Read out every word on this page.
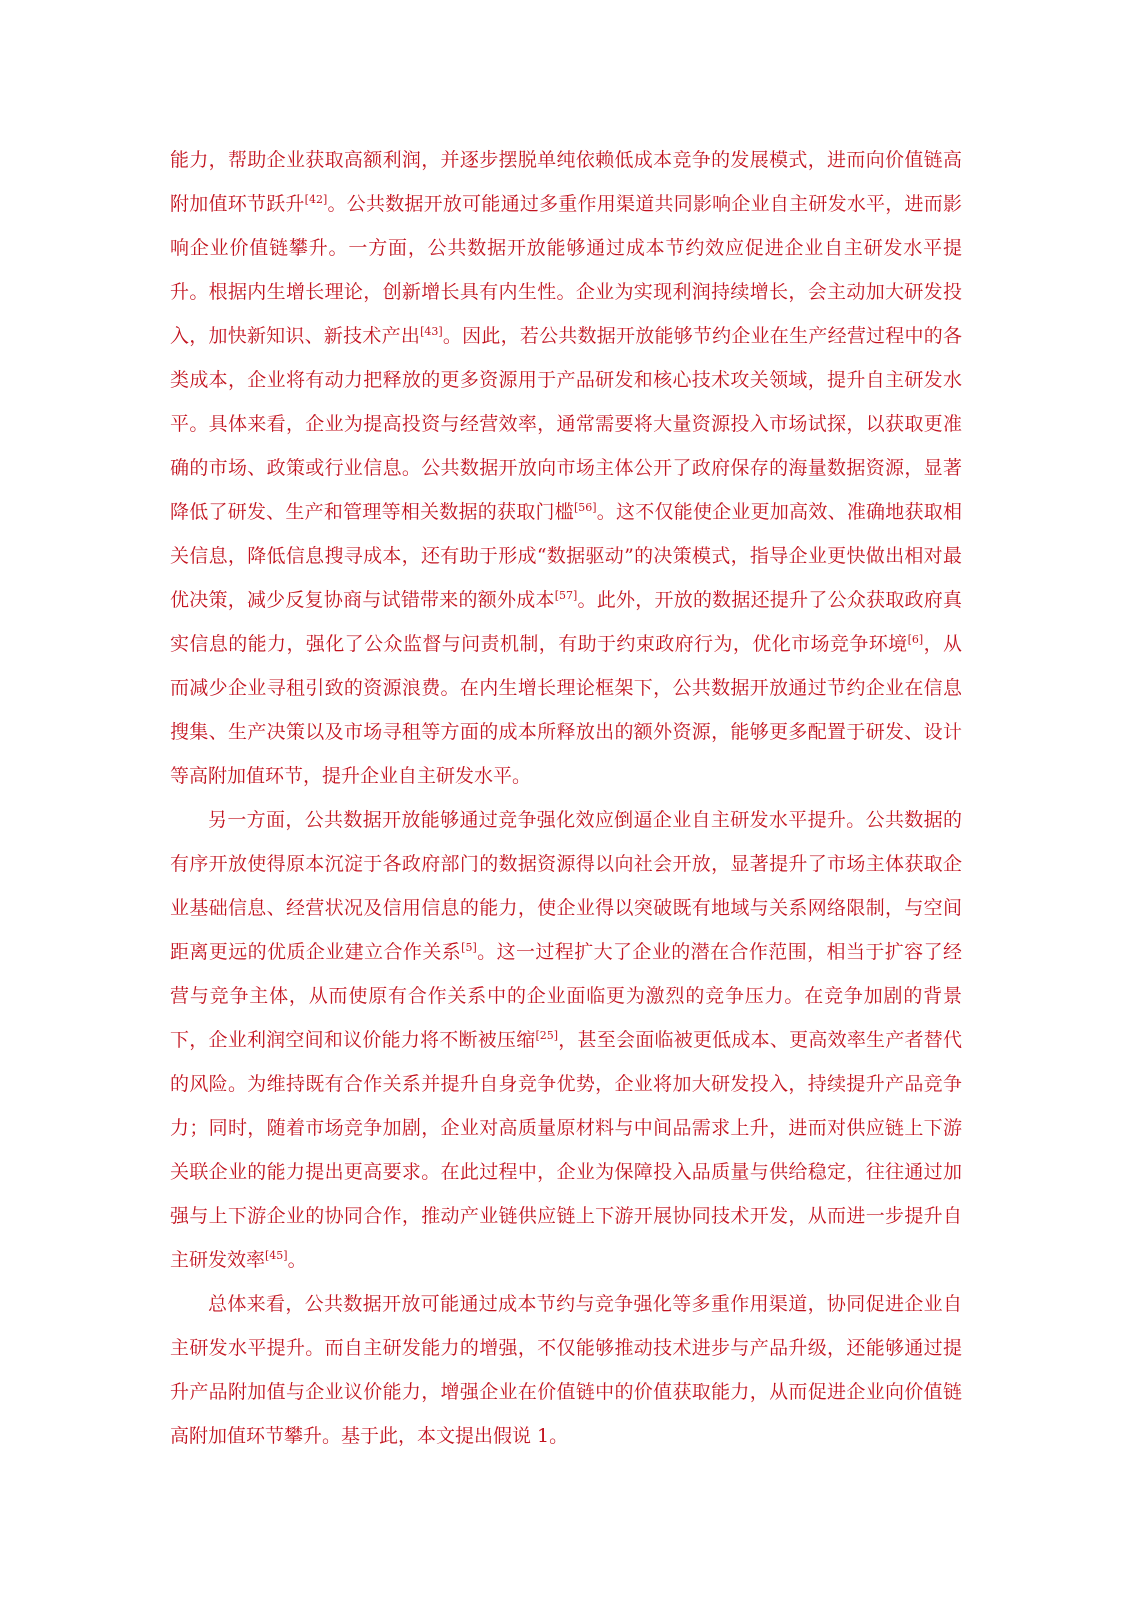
能力，帮助企业获取高额利润，并逐步摆脱单纯依赖低成本竞争的发展模式，进而向价值链高附加值环节跃升[42]。公共数据开放可能通过多重作用渠道共同影响企业自主研发水平，进而影响企业价值链攀升。一方面，公共数据开放能够通过成本节约效应促进企业自主研发水平提升。根据内生增长理论，创新增长具有内生性。企业为实现利润持续增长，会主动加大研发投入，加快新知识、新技术产出[43]。因此，若公共数据开放能够节约企业在生产经营过程中的各类成本，企业将有动力把释放的更多资源用于产品研发和核心技术攻关领域，提升自主研发水平。具体来看，企业为提高投资与经营效率，通常需要将大量资源投入市场试探，以获取更准确的市场、政策或行业信息。公共数据开放向市场主体公开了政府保存的海量数据资源，显著降低了研发、生产和管理等相关数据的获取门槛[56]。这不仅能使企业更加高效、准确地获取相关信息，降低信息搜寻成本，还有助于形成“数据驱动”的决策模式，指导企业更快做出相对最优决策，减少反复协商与试错带来的额外成本[57]。此外，开放的数据还提升了公众获取政府真实信息的能力，强化了公众监督与问责机制，有助于约束政府行为，优化市场竞争环境[6]，从而减少企业寻租引致的资源浪费。在内生增长理论框架下，公共数据开放通过节约企业在信息搜集、生产决策以及市场寻租等方面的成本所释放出的额外资源，能够更多配置于研发、设计等高附加值环节，提升企业自主研发水平。

另一方面，公共数据开放能够通过竞争强化效应倒逼企业自主研发水平提升。公共数据的有序开放使得原本沉淀于各政府部门的数据资源得以向社会开放，显著提升了市场主体获取企业基础信息、经营状况及信用信息的能力，使企业得以突破既有地域与关系网络限制，与空间距离更远的优质企业建立合作关系[5]。这一过程扩大了企业的潜在合作范围，相当于扩容了经营与竞争主体，从而使原有合作关系中的企业面临更为激烈的竞争压力。在竞争加剧的背景下，企业利润空间和议价能力将不断被压缩[25]，甚至会面临被更低成本、更高效率生产者替代的风险。为维持既有合作关系并提升自身竞争优势，企业将加大研发投入，持续提升产品竞争力；同时，随着市场竞争加剧，企业对高质量原材料与中间品需求上升，进而对供应链上下游关联企业的能力提出更高要求。在此过程中，企业为保障投入品质量与供给稳定，往往通过加强与上下游企业的协同合作，推动产业链供应链上下游开展协同技术开发，从而进一步提升自主研发效率[45]。

总体来看，公共数据开放可能通过成本节约与竞争强化等多重作用渠道，协同促进企业自主研发水平提升。而自主研发能力的增强，不仅能够推动技术进步与产品升级，还能够通过提升产品附加值与企业议价能力，增强企业在价值链中的价值获取能力，从而促进企业向价值链高附加值环节攀升。基于此，本文提出假说 1。
